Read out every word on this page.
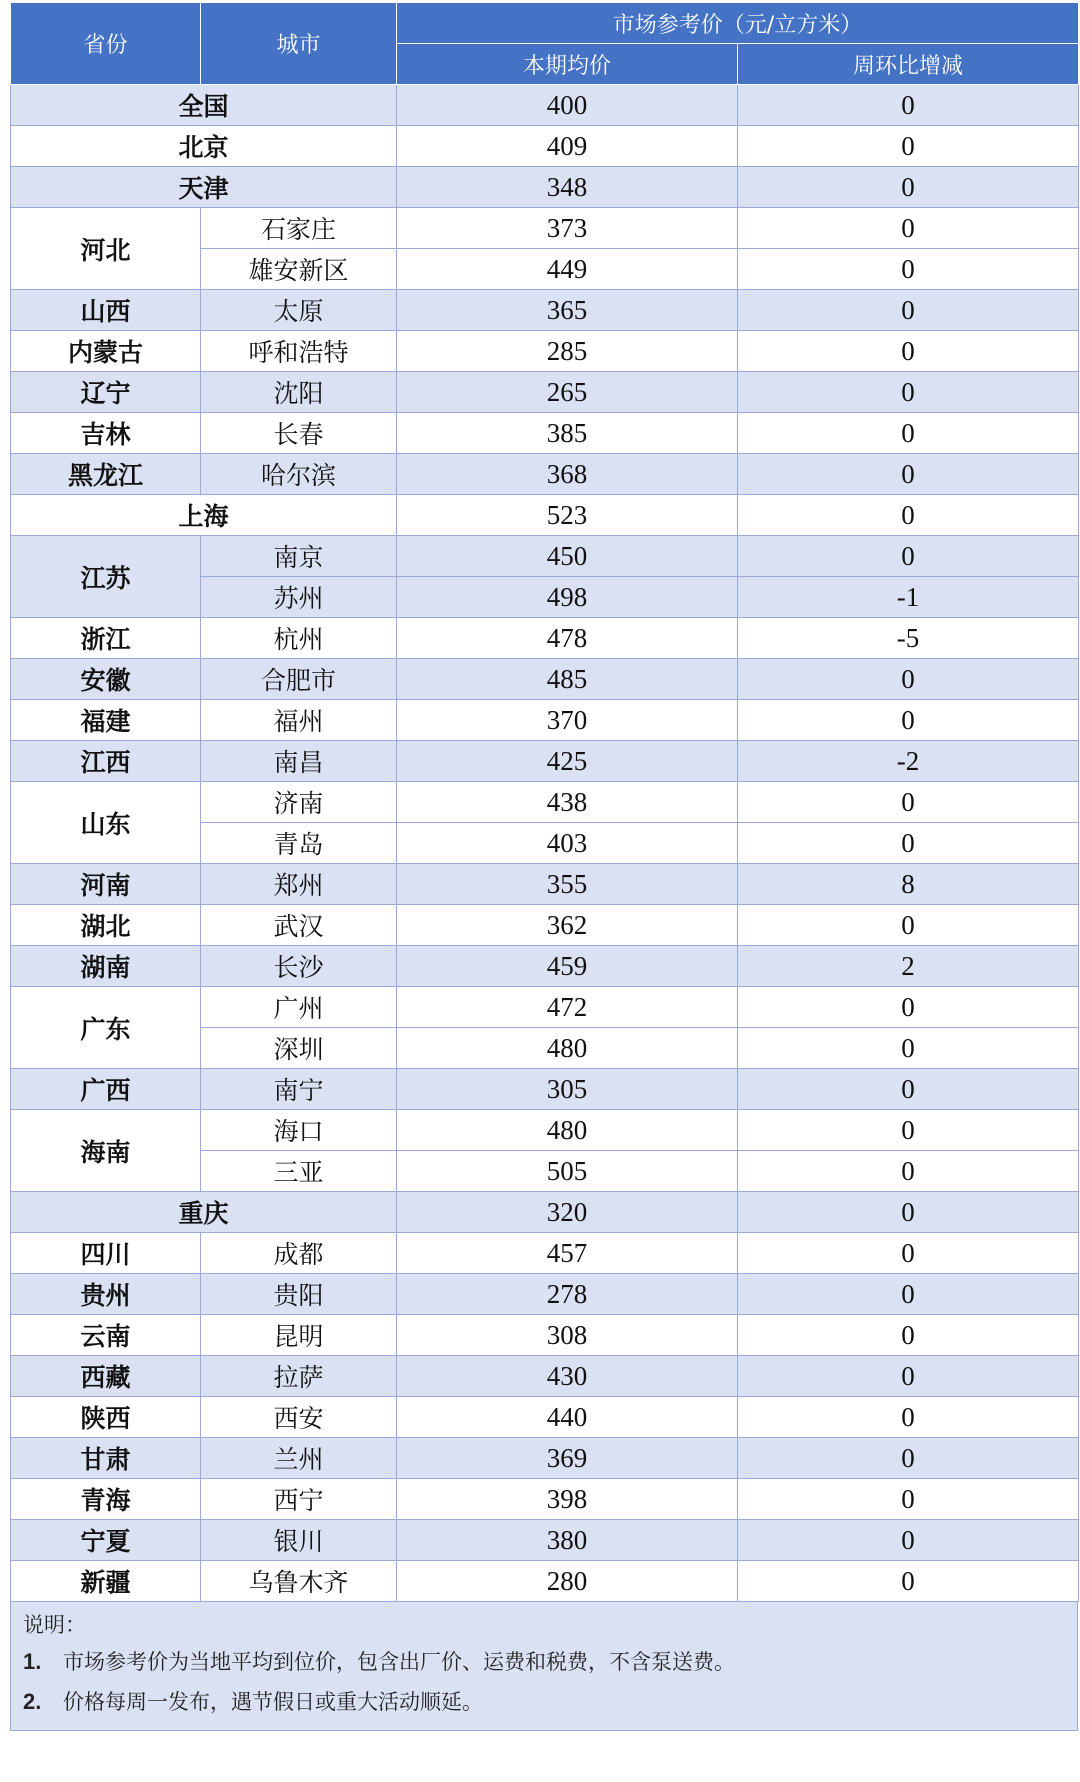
省份	城市	市场参考价（元/立方米）	
		本期均价	周环比增减
全国		400	0
北京		409	0
天津		348	0
河北	石家庄	373	0
	雄安新区	449	0
山西	太原	365	0
内蒙古	呼和浩特	285	0
辽宁	沈阳	265	0
吉林	长春	385	0
黑龙江	哈尔滨	368	0
上海		523	0
江苏	南京	450	0
	苏州	498	-1
浙江	杭州	478	-5
安徽	合肥市	485	0
福建	福州	370	0
江西	南昌	425	-2
山东	济南	438	0
	青岛	403	0
河南	郑州	355	8
湖北	武汉	362	0
湖南	长沙	459	2
广东	广州	472	0
	深圳	480	0
广西	南宁	305	0
海南	海口	480	0
	三亚	505	0
重庆		320	0
四川	成都	457	0
贵州	贵阳	278	0
云南	昆明	308	0
西藏	拉萨	430	0
陕西	西安	440	0
甘肃	兰州	369	0
青海	西宁	398	0
宁夏	银川	380	0
新疆	乌鲁木齐	280	0
说明：
1.	市场参考价为当地平均到位价，包含出厂价、运费和税费，不含泵送费。
2.	价格每周一发布，遇节假日或重大活动顺延。
